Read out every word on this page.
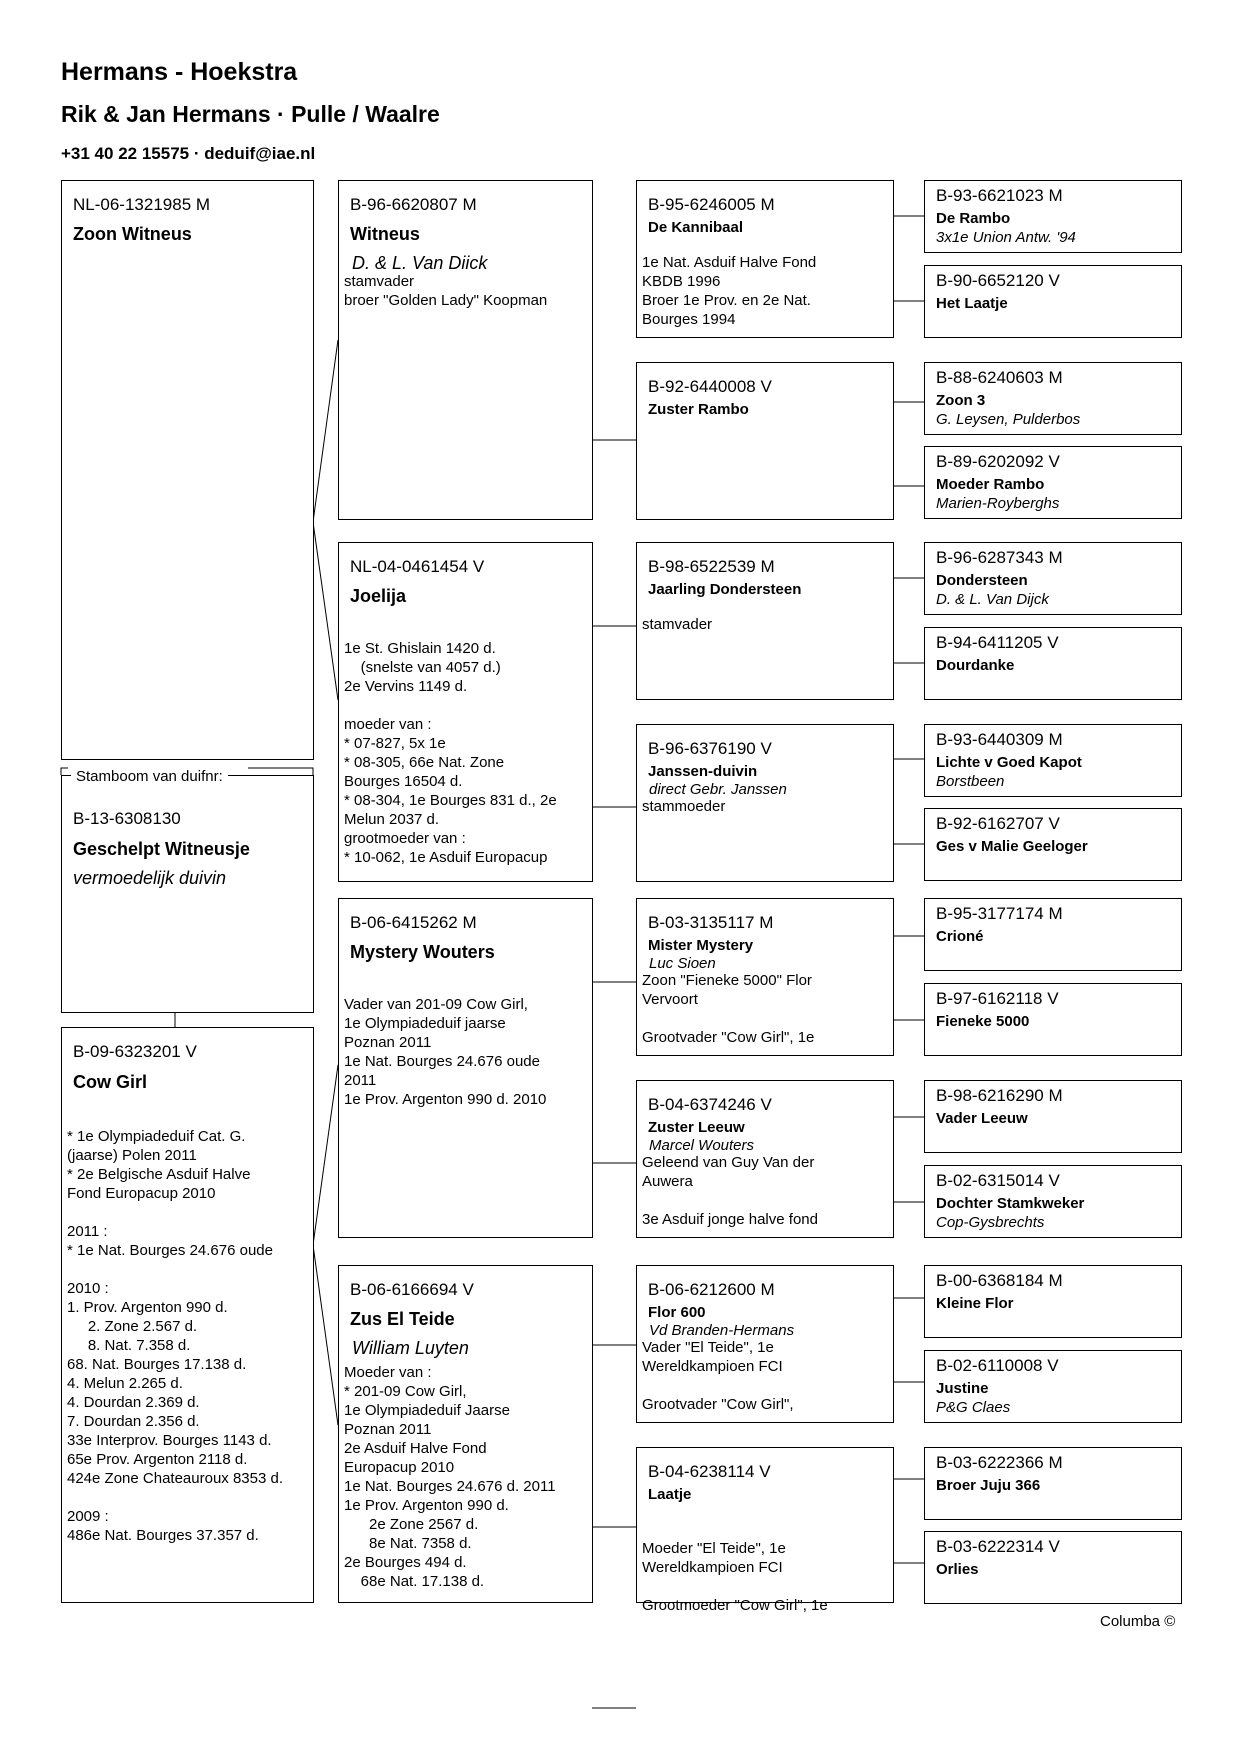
Hermans - Hoekstra
Rik & Jan Hermans · Pulle / Waalre
+31 40 22 15575 · deduif@iae.nl
NL-06-1321985 M
Zoon Witneus
B-13-6308130
Geschelpt Witneusje
vermoedelijk duivin
Stamboom van duifnr:
B-09-6323201 V
Cow Girl
* 1e Olympiadeduif Cat. G.
(jaarse) Polen 2011
* 2e Belgische Asduif Halve
Fond Europacup 2010

2011 :
* 1e Nat. Bourges 24.676 oude

2010 :
1. Prov. Argenton 990 d.
2. Zone 2.567 d.
8. Nat. 7.358 d.
68. Nat. Bourges 17.138 d.
4. Melun 2.265 d.
4. Dourdan 2.369 d.
7. Dourdan 2.356 d.
33e Interprov. Bourges 1143 d.
65e Prov. Argenton 2118 d.
424e Zone Chateauroux 8353 d.

2009 :
486e Nat. Bourges 37.357 d.
B-96-6620807 M
Witneus
D. & L. Van Diick
stamvader
broer "Golden Lady" Koopman
NL-04-0461454 V
Joelija
1e St. Ghislain 1420 d.
(snelste van 4057 d.)
2e Vervins 1149 d.

moeder van :
* 07-827, 5x 1e
* 08-305, 66e Nat. Zone
Bourges 16504 d.
* 08-304, 1e Bourges 831 d., 2e
Melun 2037 d.
grootmoeder van :
* 10-062, 1e Asduif Europacup
B-06-6415262 M
Mystery Wouters
Vader van 201-09 Cow Girl,
1e Olympiadeduif jaarse
Poznan 2011
1e Nat. Bourges 24.676 oude
2011
1e Prov. Argenton 990 d. 2010
B-06-6166694 V
Zus El Teide
William Luyten
Moeder van :
* 201-09 Cow Girl,
1e Olympiadeduif Jaarse
Poznan 2011
2e Asduif Halve Fond
Europacup 2010
1e Nat. Bourges 24.676 d. 2011
1e Prov. Argenton 990 d.
2e Zone 2567 d.
8e Nat. 7358 d.
2e Bourges 494 d.
68e Nat. 17.138 d.
B-95-6246005 M
De Kannibaal
1e Nat. Asduif Halve Fond
KBDB 1996
Broer 1e Prov. en 2e Nat.
Bourges 1994
B-92-6440008 V
Zuster Rambo
B-98-6522539 M
Jaarling Dondersteen
stamvader
B-96-6376190 V
Janssen-duivin
direct Gebr. Janssen
stammoeder
B-03-3135117 M
Mister Mystery
Luc Sioen
Zoon "Fieneke 5000" Flor
Vervoort

Grootvader "Cow Girl", 1e
B-04-6374246 V
Zuster Leeuw
Marcel Wouters
Geleend van Guy Van der
Auwera

3e Asduif jonge halve fond
B-06-6212600 M
Flor 600
Vd Branden-Hermans
Vader "El Teide", 1e
Wereldkampioen FCI

Grootvader "Cow Girl",
B-04-6238114 V
Laatje

Moeder "El Teide", 1e
Wereldkampioen FCI

Grootmoeder "Cow Girl", 1e
B-93-6621023 M
De Rambo
3x1e Union Antw. '94
B-90-6652120 V
Het Laatje
B-88-6240603 M
Zoon 3
G. Leysen, Pulderbos
B-89-6202092 V
Moeder Rambo
Marien-Royberghs
B-96-6287343 M
Dondersteen
D. & L. Van Dijck
B-94-6411205 V
Dourdanke
B-93-6440309 M
Lichte v Goed Kapot
Borstbeen
B-92-6162707 V
Ges v Malie Geeloger
B-95-3177174 M
Crioné
B-97-6162118 V
Fieneke 5000
B-98-6216290 M
Vader Leeuw
B-02-6315014 V
Dochter Stamkweker
Cop-Gysbrechts
B-00-6368184 M
Kleine Flor
B-02-6110008 V
Justine
P&G Claes
B-03-6222366 M
Broer Juju 366
B-03-6222314 V
Orlies
Columba ©
